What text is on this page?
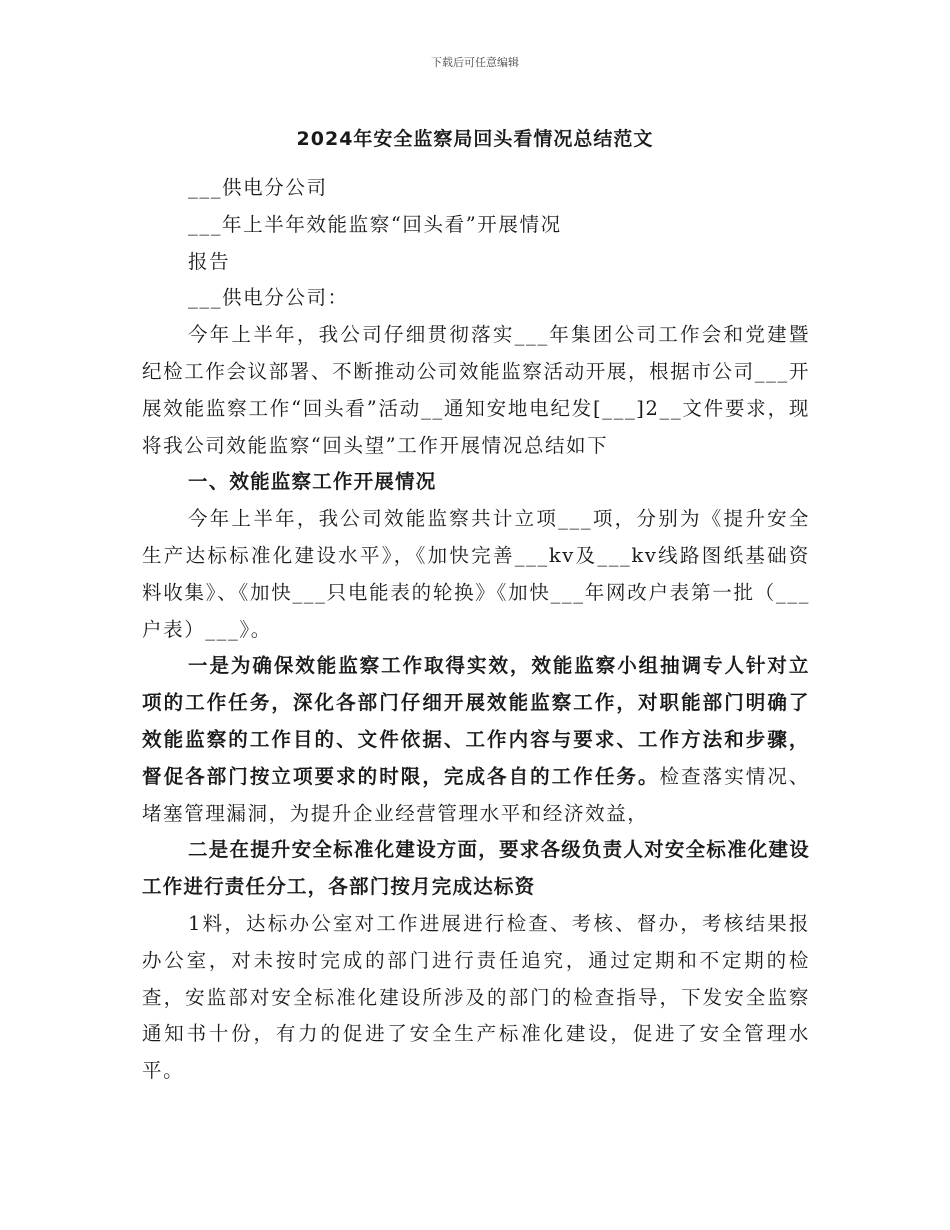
下载后可任意编辑
2024年安全监察局回头看情况总结范文

___供电分公司

___年上半年效能监察“回头看”开展情况

报告

___供电分公司：

今年上半年，我公司仔细贯彻落实___年集团公司工作会和党建暨纪检工作会议部署、不断推动公司效能监察活动开展，根据市公司___开展效能监察工作“回头看”活动__通知安地电纪发[___]2__文件要求，现将我公司效能监察“回头望”工作开展情况总结如下

一、效能监察工作开展情况

今年上半年，我公司效能监察共计立项___项，分别为《提升安全生产达标标准化建设水平》，《加快完善___kv及___kv线路图纸基础资料收集》、《加快___只电能表的轮换》《加快___年网改户表第一批（___户表）___》。

一是为确保效能监察工作取得实效，效能监察小组抽调专人针对立项的工作任务，深化各部门仔细开展效能监察工作，对职能部门明确了效能监察的工作目的、文件依据、工作内容与要求、工作方法和步骤，督促各部门按立项要求的时限，完成各自的工作任务。检查落实情况、堵塞管理漏洞，为提升企业经营管理水平和经济效益，

二是在提升安全标准化建设方面，要求各级负责人对安全标准化建设工作进行责任分工，各部门按月完成达标资

1料，达标办公室对工作进展进行检查、考核、督办，考核结果报办公室，对未按时完成的部门进行责任追究，通过定期和不定期的检查，安监部对安全标准化建设所涉及的部门的检查指导，下发安全监察通知书十份，有力的促进了安全生产标准化建设，促进了安全管理水平。
